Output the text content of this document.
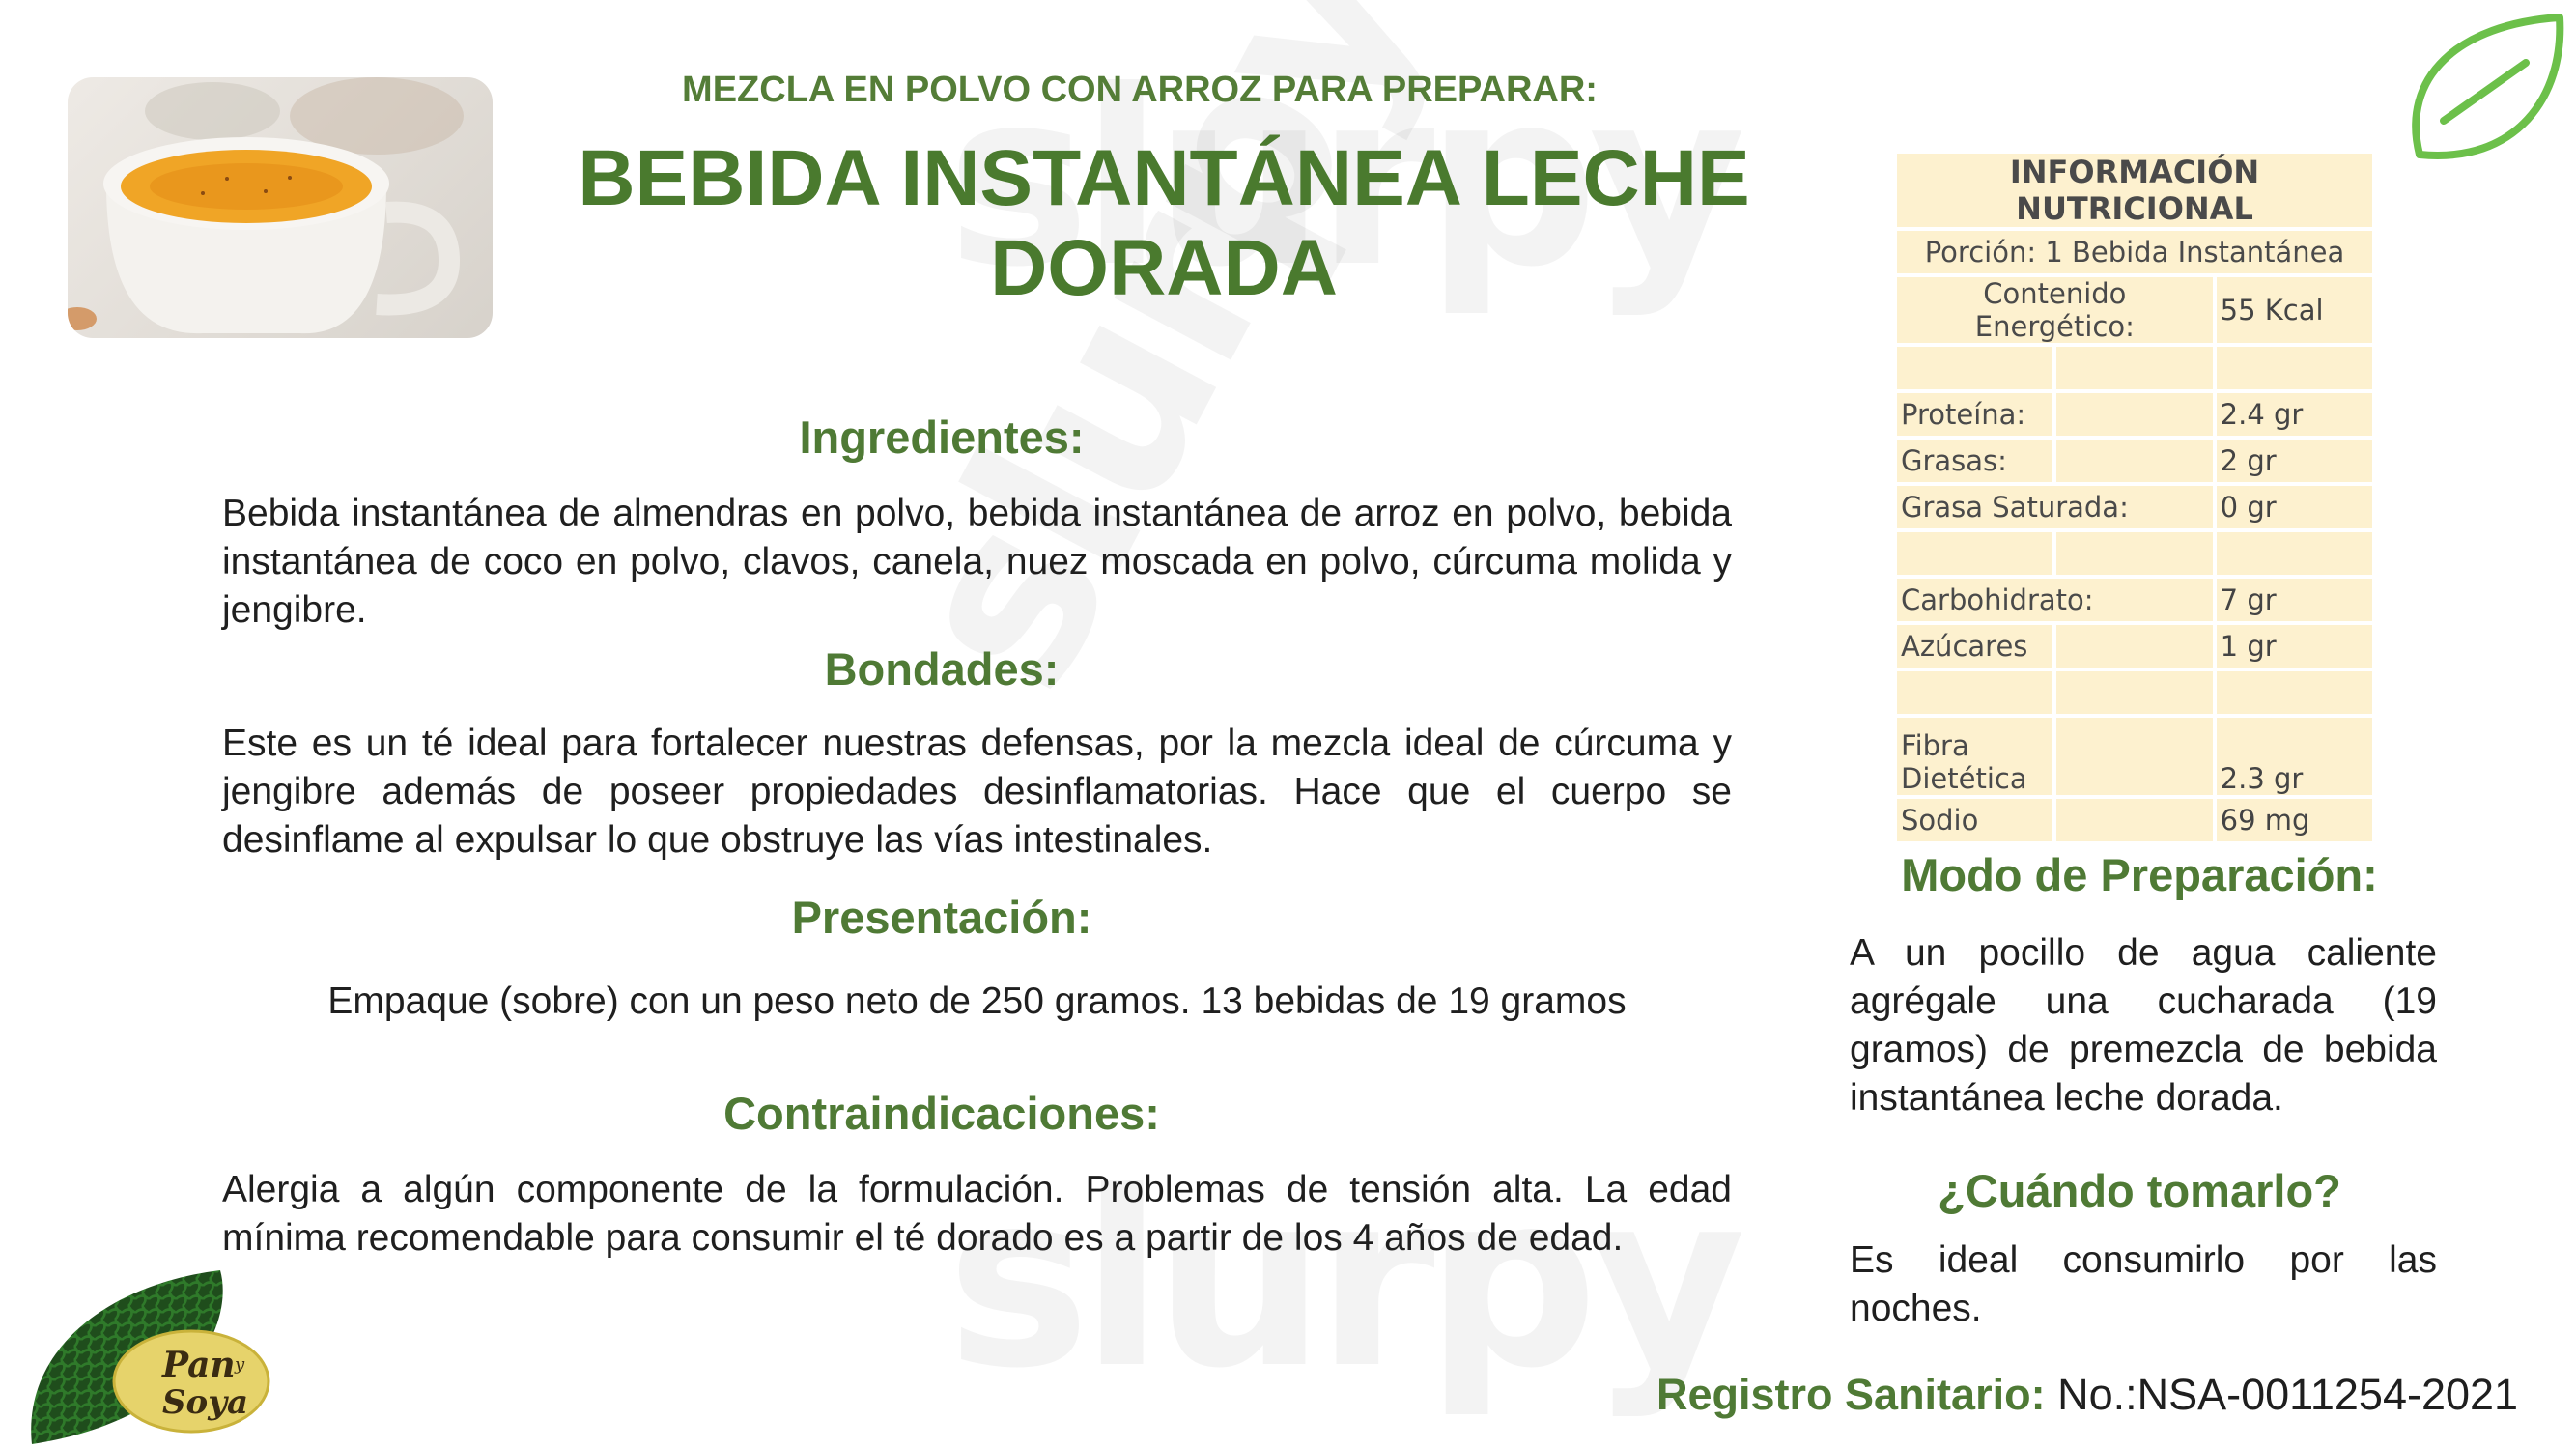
MEZCLA EN POLVO CON ARROZ PARA PREPARAR:
BEBIDA INSTANTÁNEA LECHE
DORADA
Ingredientes:
Bebida instantánea de almendras en polvo, bebida instantánea de arroz en polvo, bebida instantánea de coco en polvo, clavos, canela, nuez moscada en polvo, cúrcuma molida y jengibre.
Bondades:
Este es un té ideal para fortalecer nuestras defensas, por la mezcla ideal de cúrcuma y jengibre además de poseer propiedades desinflamatorias. Hace que el cuerpo se desinflame al expulsar lo que obstruye las vías intestinales.
Presentación:
Empaque (sobre) con un peso neto de 250 gramos. 13 bebidas de 19 gramos
Contraindicaciones:
Alergia a algún componente de la formulación. Problemas de tensión alta. La edad mínima recomendable para consumir el té dorado es a partir de los 4 años de edad.
INFORMACIÓN NUTRICIONAL		
Porción: 1 Bebida Instantánea		
Contenido Energético:		55 Kcal

Proteína:		2.4 gr
Grasas:		2 gr
Grasa Saturada:		0 gr

Carbohidrato:		7 gr
Azúcares		1 gr

Fibra
Dietética		2.3 gr
Sodio		69 mg
Modo de Preparación:
A un pocillo de agua caliente agrégale una cucharada (19 gramos) de premezcla de bebida instantánea leche dorada.
¿Cuándo tomarlo?
Es ideal consumirlo por las noches.
Registro Sanitario: No.:NSA-0011254-2021
Pan y
Soya
